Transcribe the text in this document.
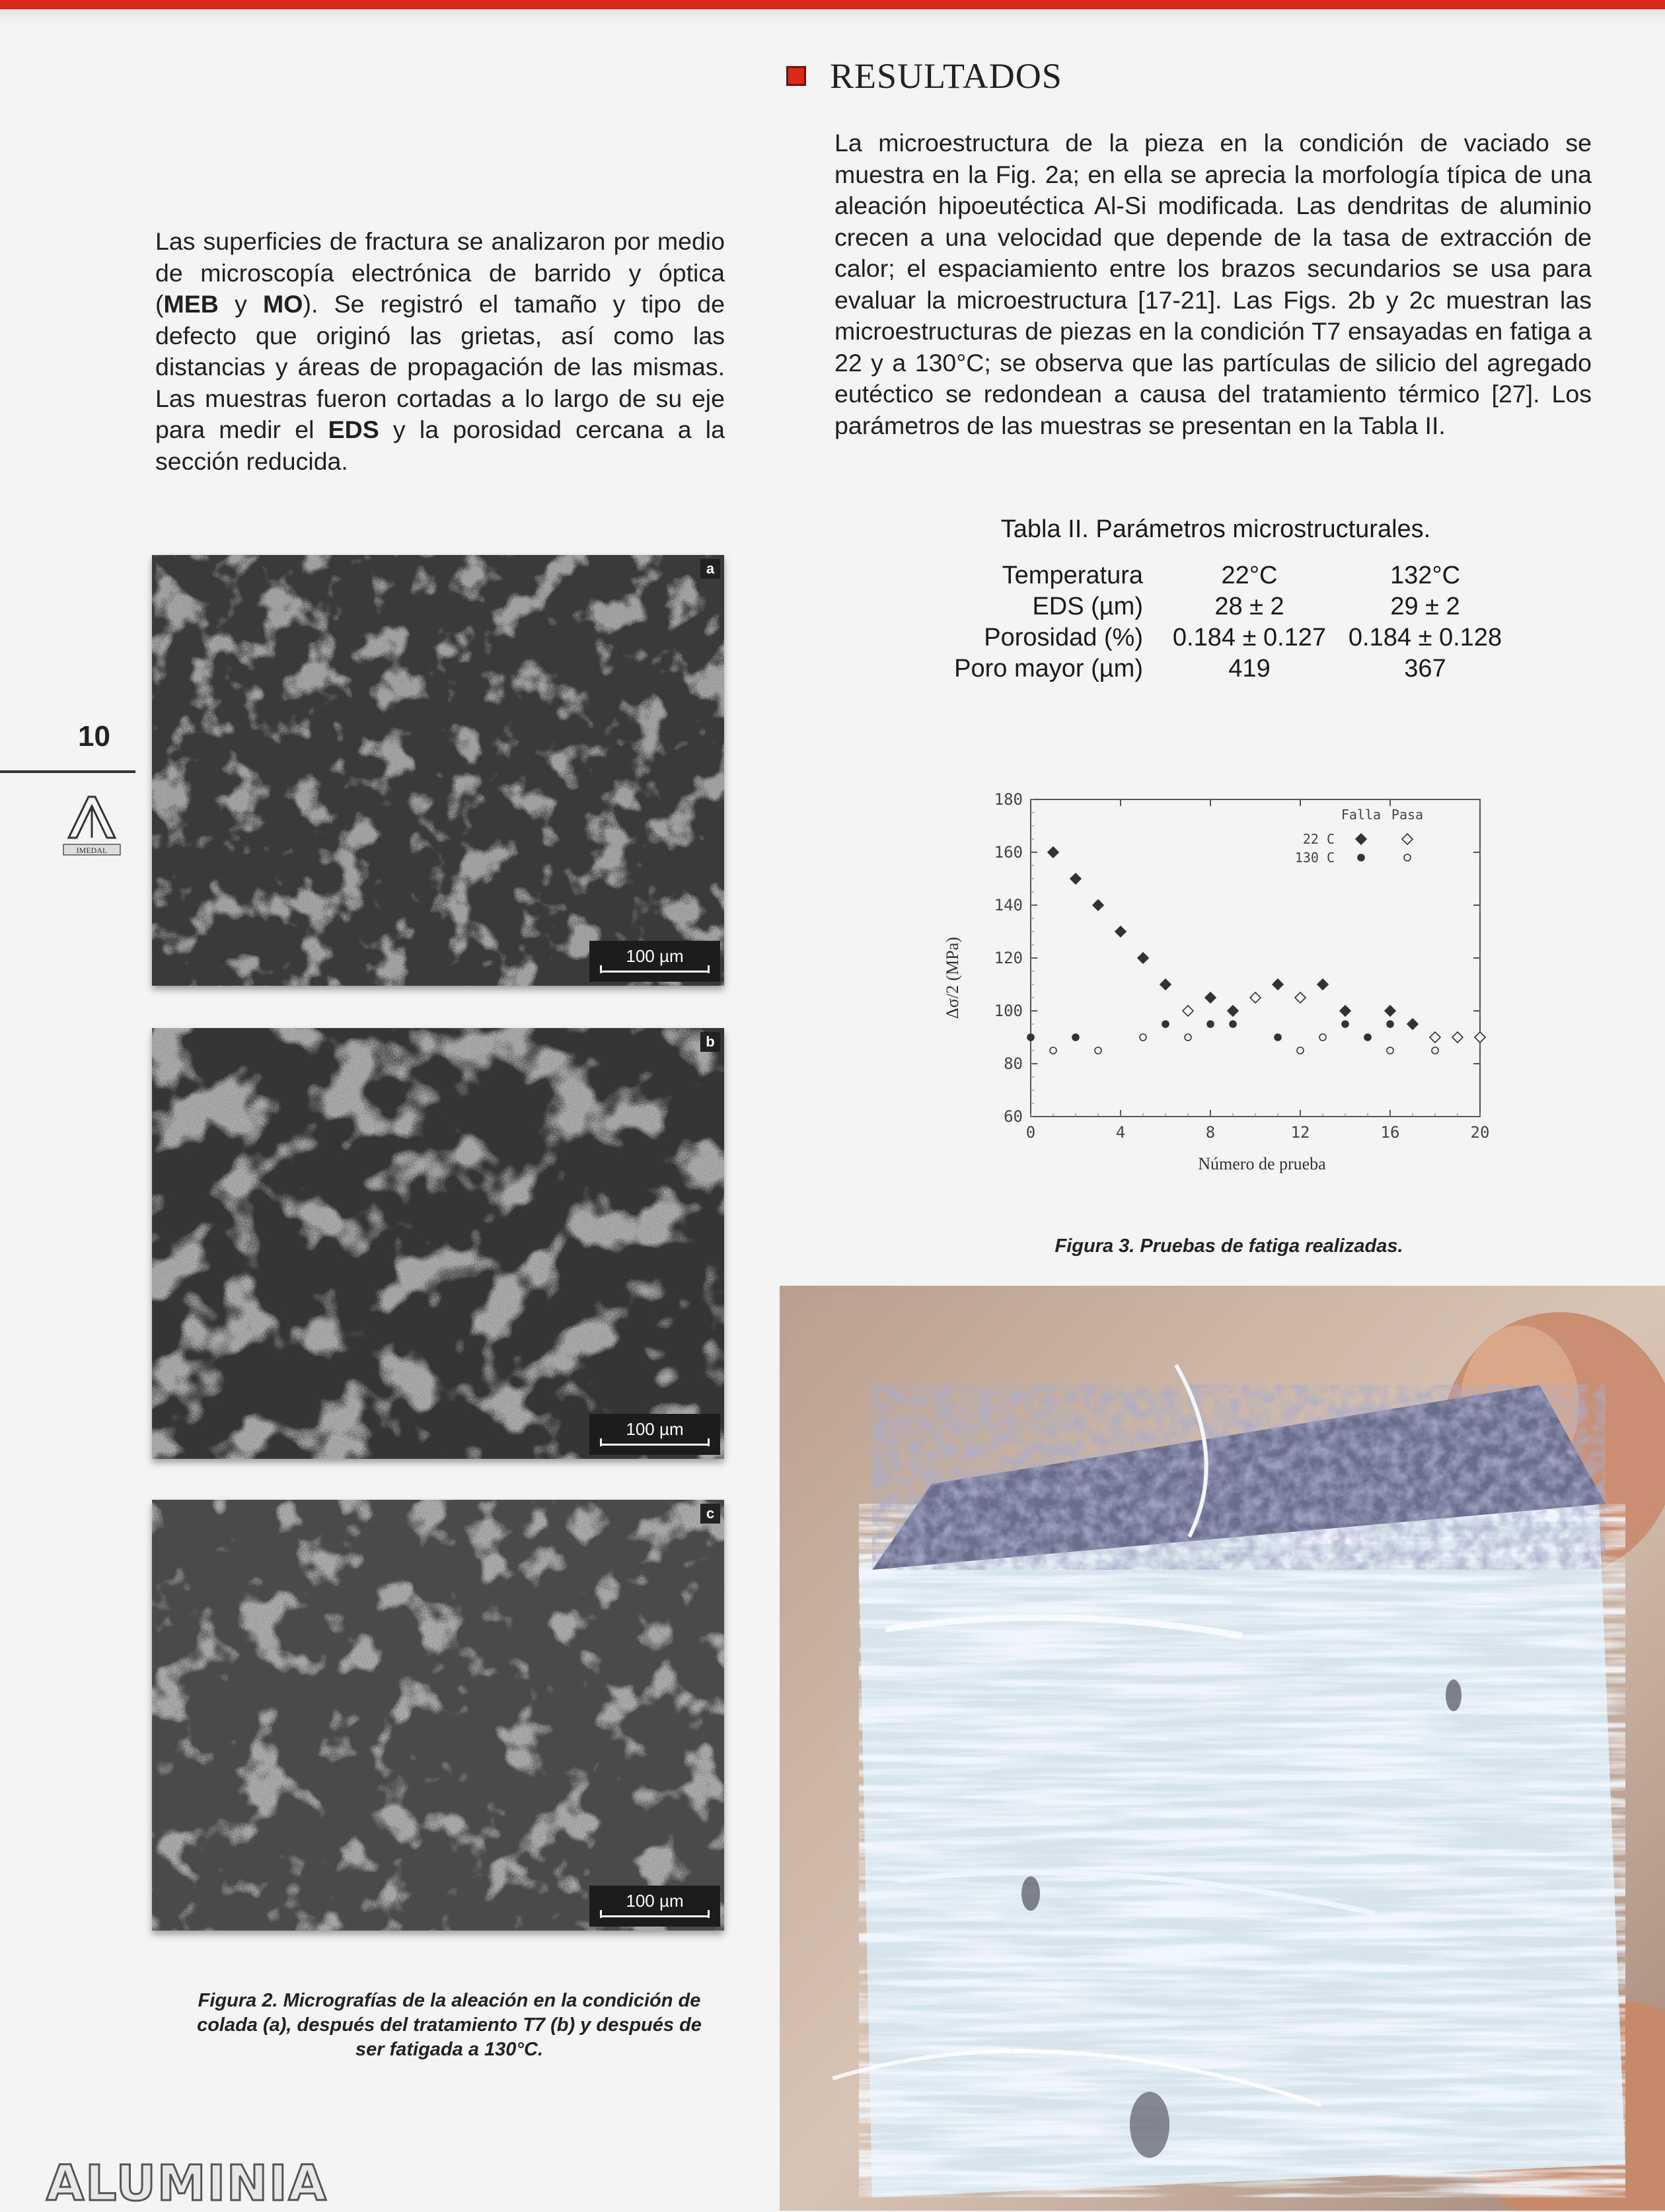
RESULTADOS
Las superficies de fractura se analizaron por medio de microscopía electrónica de barrido y óptica (MEB y MO). Se registró el tamaño y tipo de defecto que originó las grietas, así como las distancias y áreas de propagación de las mismas. Las muestras fueron cortadas a lo largo de su eje para medir el EDS y la porosidad cercana a la sección reducida.
La microestructura de la pieza en la condición de vaciado se muestra en la Fig. 2a; en ella se aprecia la morfología típica de una aleación hipoeutéctica Al-Si modificada. Las dendritas de aluminio crecen a una velocidad que depende de la tasa de extracción de calor; el espaciamiento entre los brazos secundarios se usa para evaluar la microestructura [17-21]. Las Figs. 2b y 2c muestran las microestructuras de piezas en la condición T7 ensayadas en fatiga a 22 y a 130°C; se observa que las partículas de silicio del agregado eutéctico se redondean a causa del tratamiento térmico [27]. Los parámetros de las muestras se presentan en la Tabla II.
Tabla II. Parámetros microstructurales.
Temperatura	22°C	132°C
EDS (µm)	28 ± 2	29 ± 2
Porosidad (%)	0.184 ± 0.127	0.184 ± 0.128
Poro mayor (µm)	419	367
10
IMEDAL
a
100 µm
b
100 µm
c
100 µm
Figura 2. Micrografías de la aleación en la condición de colada (a), después del tratamiento T7 (b) y después de ser fatigada a 130°C.
0	4	8	12	16	20
60
80
100
120
140
160
180
Falla Pasa
22 C
130 C
Número de prueba
Δσ/2 (MPa)
Figura 3. Pruebas de fatiga realizadas.
ALUMINIA
